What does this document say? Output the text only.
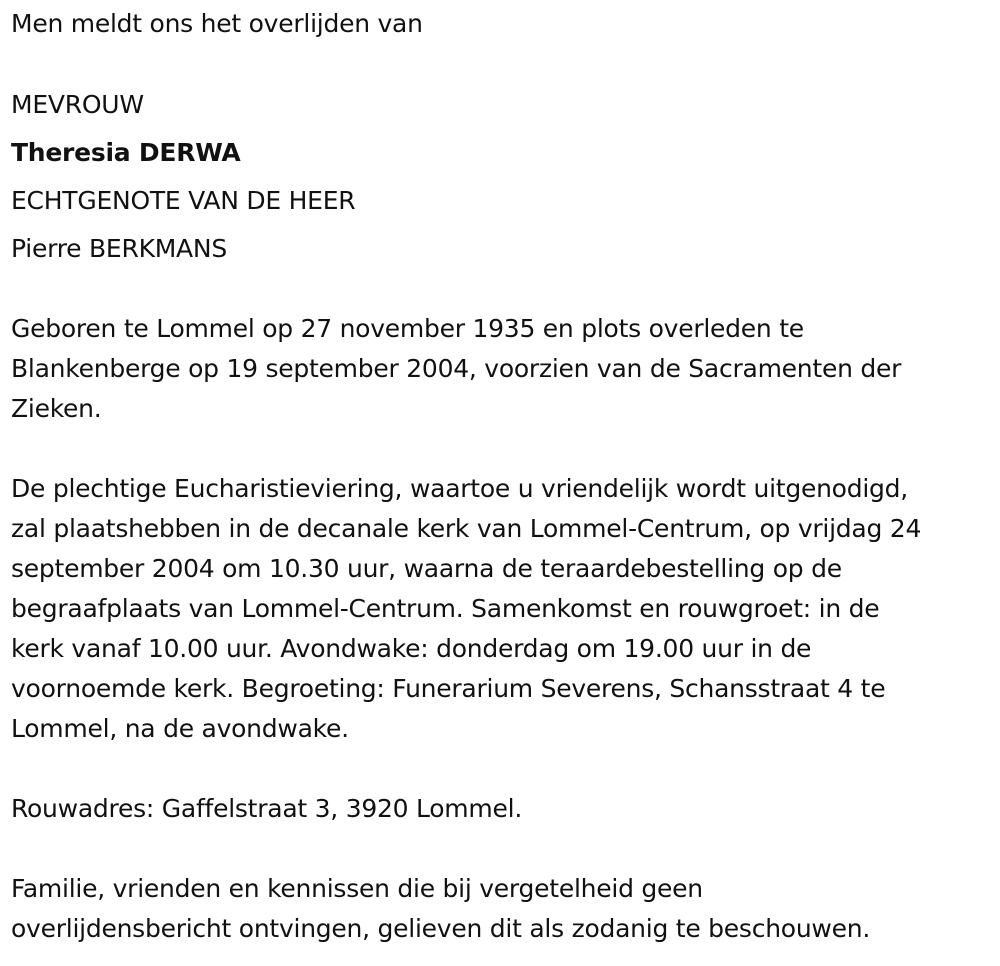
Men meldt ons het overlijden van
MEVROUW
Theresia DERWA
ECHTGENOTE VAN DE HEER
Pierre BERKMANS
Geboren te Lommel op 27 november 1935 en plots overleden te
Blankenberge op 19 september 2004, voorzien van de Sacramenten der
Zieken.
De plechtige Eucharistieviering, waartoe u vriendelijk wordt uitgenodigd,
zal plaatshebben in de decanale kerk van Lommel-Centrum, op vrijdag 24
september 2004 om 10.30 uur, waarna de teraardebestelling op de
begraafplaats van Lommel-Centrum. Samenkomst en rouwgroet: in de
kerk vanaf 10.00 uur. Avondwake: donderdag om 19.00 uur in de
voornoemde kerk. Begroeting: Funerarium Severens, Schansstraat 4 te
Lommel, na de avondwake.
Rouwadres: Gaffelstraat 3, 3920 Lommel.
Familie, vrienden en kennissen die bij vergetelheid geen
overlijdensbericht ontvingen, gelieven dit als zodanig te beschouwen.
